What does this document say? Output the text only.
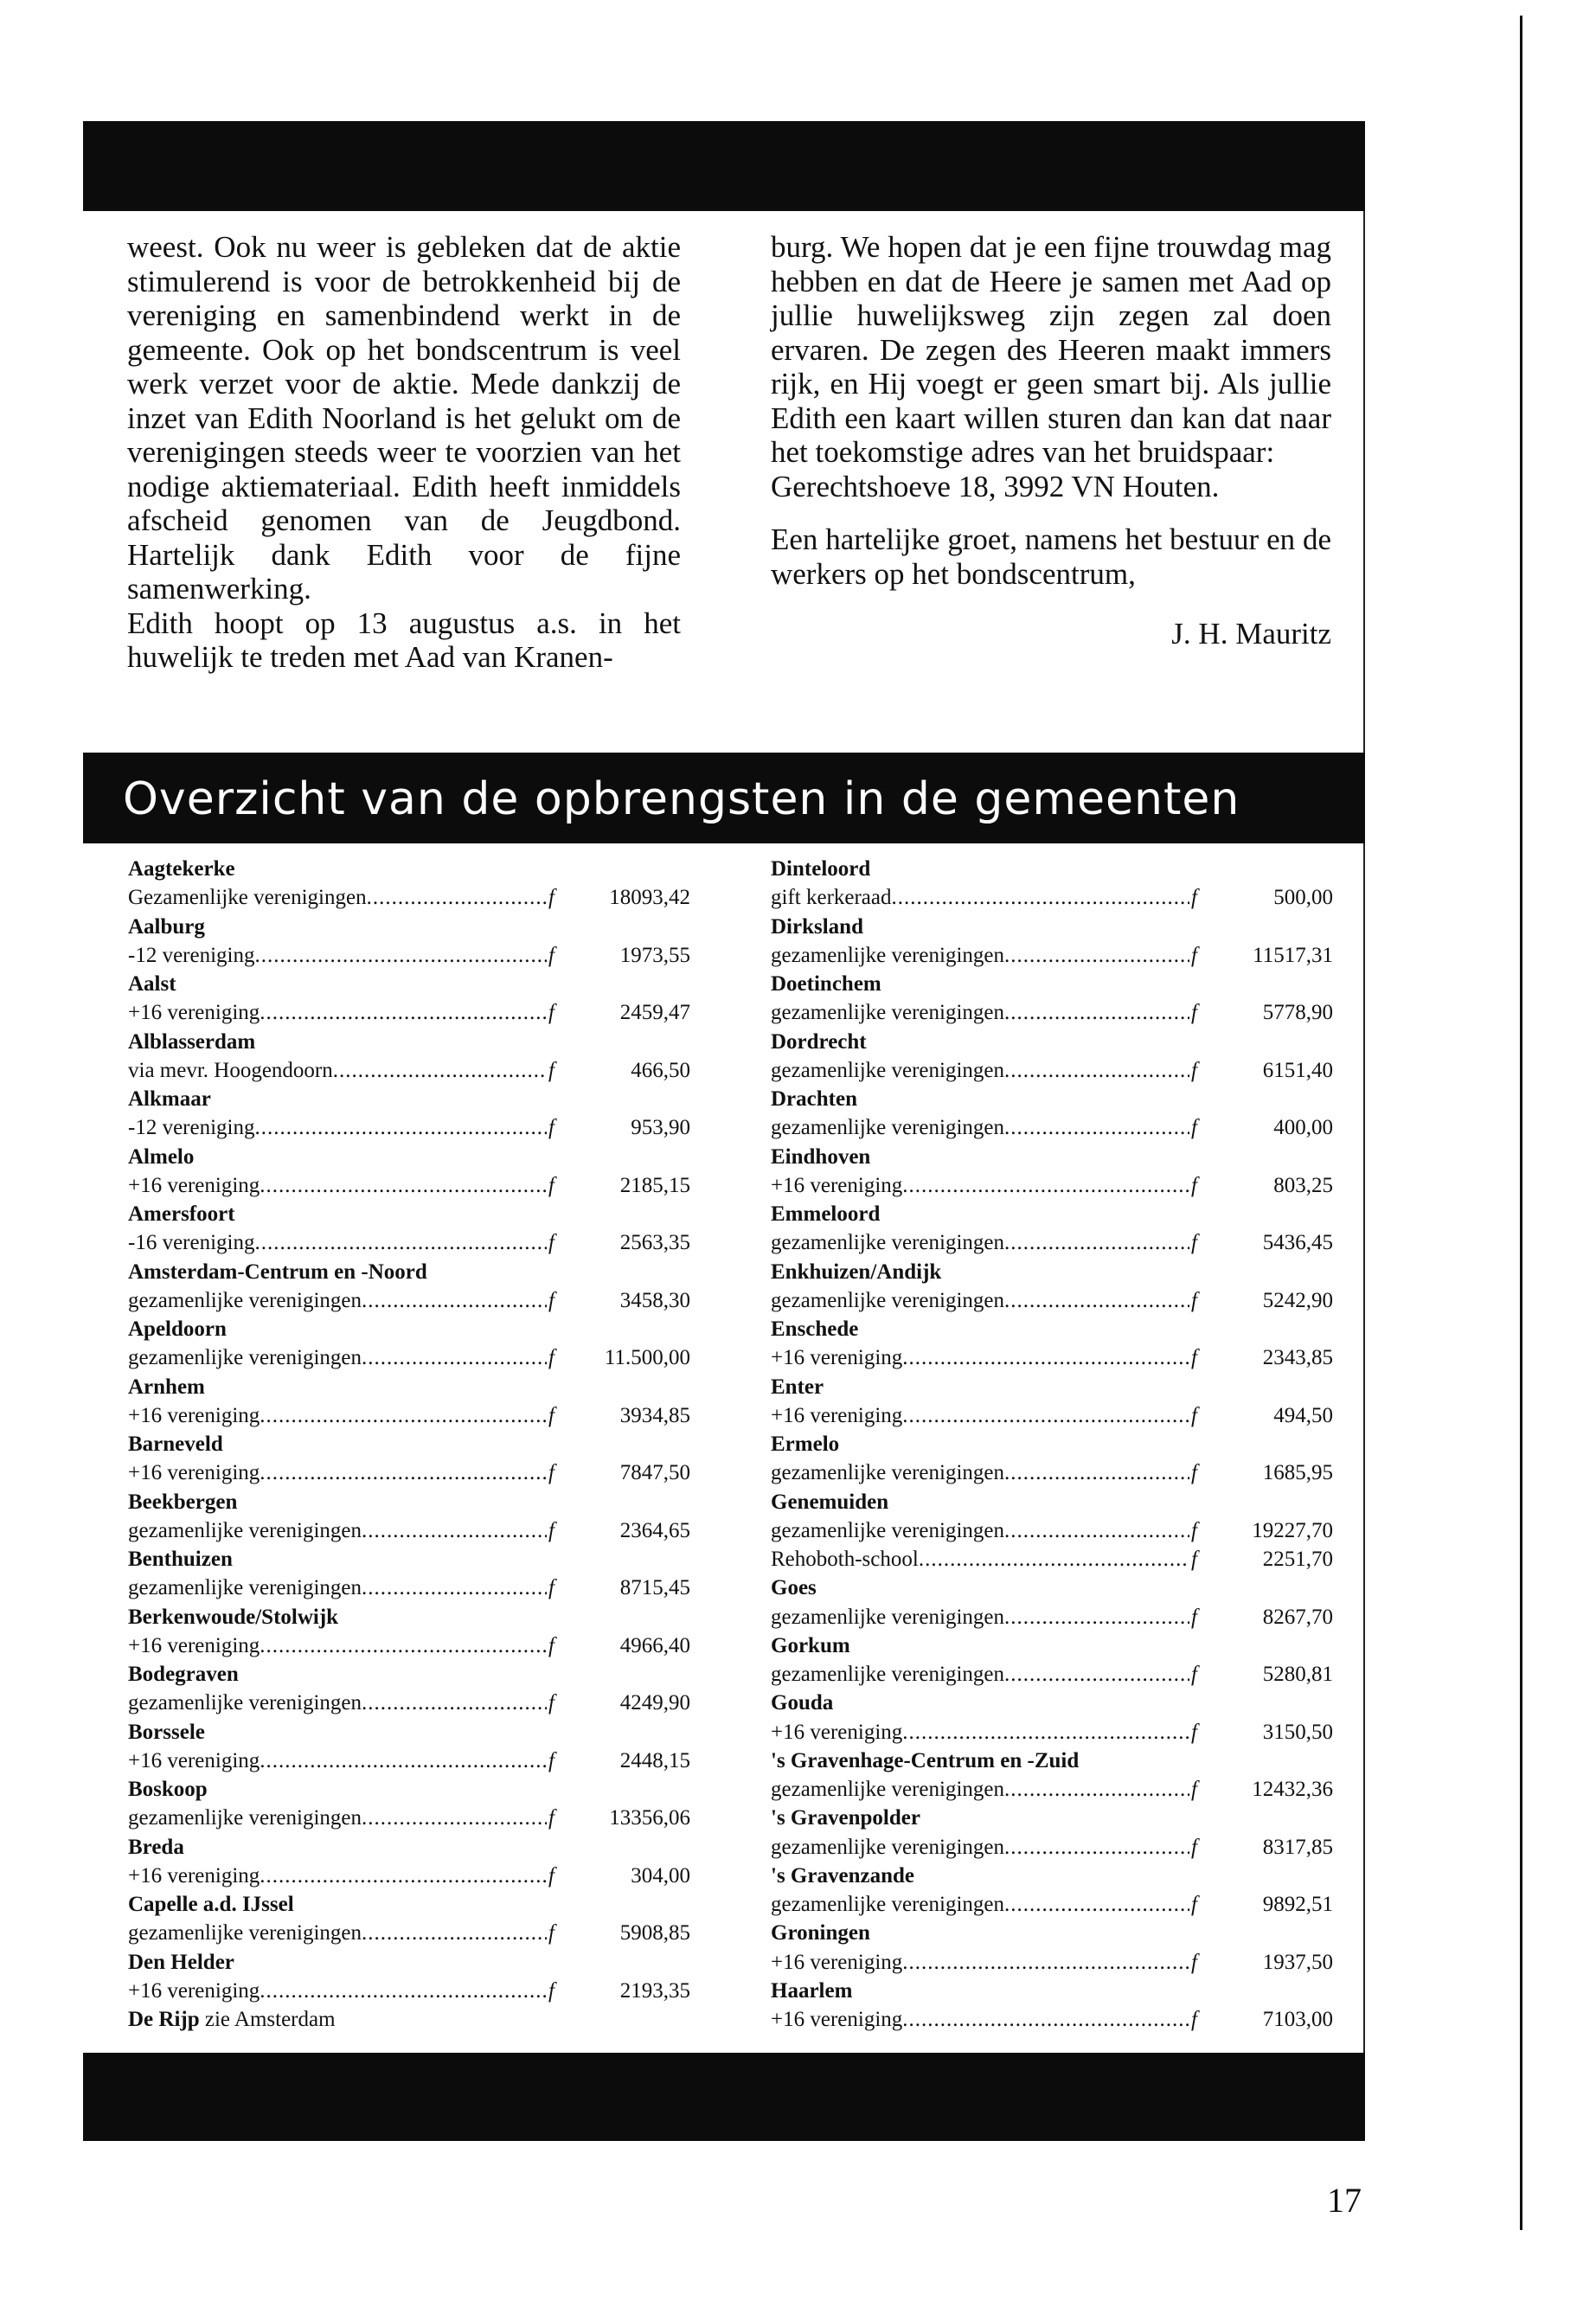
weest. Ook nu weer is gebleken dat de aktie stimulerend is voor de betrokkenheid bij de vereniging en samenbindend werkt in de gemeente. Ook op het bondscentrum is veel werk verzet voor de aktie. Mede dankzij de inzet van Edith Noorland is het gelukt om de verenigingen steeds weer te voorzien van het nodige aktiemateriaal. Edith heeft inmiddels afscheid genomen van de Jeugdbond. Hartelijk dank Edith voor de fijne samenwerking.

Edith hoopt op 13 augustus a.s. in het huwelijk te treden met Aad van Kranen-

burg. We hopen dat je een fijne trouwdag mag hebben en dat de Heere je samen met Aad op jullie huwelijksweg zijn zegen zal doen ervaren. De zegen des Heeren maakt immers rijk, en Hij voegt er geen smart bij. Als jullie Edith een kaart willen sturen dan kan dat naar het toekomstige adres van het bruidspaar:

Gerechtshoeve 18, 3992 VN Houten.

Een hartelijke groet, namens het bestuur en de werkers op het bondscentrum,

J. H. Mauritz

Overzicht van de opbrengsten in de gemeenten
Aagtekerke
Gezamenlijke verenigingen .....	f	18093,42
Aalburg
-12 vereniging .....	f	1973,55
Aalst
+16 vereniging .....	f	2459,47
Alblasserdam
via mevr. Hoogendoorn .....	f	466,50
Alkmaar
-12 vereniging .....	f	953,90
Almelo
+16 vereniging .....	f	2185,15
Amersfoort
-16 vereniging .....	f	2563,35
Amsterdam-Centrum en -Noord
gezamenlijke verenigingen .....	f	3458,30
Apeldoorn
gezamenlijke verenigingen .....	f	11.500,00
Arnhem
+16 vereniging .....	f	3934,85
Barneveld
+16 vereniging .....	f	7847,50
Beekbergen
gezamenlijke verenigingen .....	f	2364,65
Benthuizen
gezamenlijke verenigingen .....	f	8715,45
Berkenwoude/Stolwijk
+16 vereniging .....	f	4966,40
Bodegraven
gezamenlijke verenigingen .....	f	4249,90
Borssele
+16 vereniging .....	f	2448,15
Boskoop
gezamenlijke verenigingen .....	f	13356,06
Breda
+16 vereniging .....	f	304,00
Capelle a.d. IJssel
gezamenlijke verenigingen .....	f	5908,85
Den Helder
+16 vereniging .....	f	2193,35
De Rijp zie Amsterdam
Dinteloord
gift kerkeraad .....	f	500,00
Dirksland
gezamenlijke verenigingen .....	f	11517,31
Doetinchem
gezamenlijke verenigingen .....	f	5778,90
Dordrecht
gezamenlijke verenigingen .....	f	6151,40
Drachten
gezamenlijke verenigingen .....	f	400,00
Eindhoven
+16 vereniging .....	f	803,25
Emmeloord
gezamenlijke verenigingen .....	f	5436,45
Enkhuizen/Andijk
gezamenlijke verenigingen .....	f	5242,90
Enschede
+16 vereniging .....	f	2343,85
Enter
+16 vereniging .....	f	494,50
Ermelo
gezamenlijke verenigingen .....	f	1685,95
Genemuiden
gezamenlijke verenigingen .....	f	19227,70
Rehoboth-school .....	f	2251,70
Goes
gezamenlijke verenigingen .....	f	8267,70
Gorkum
gezamenlijke verenigingen .....	f	5280,81
Gouda
+16 vereniging .....	f	3150,50
's Gravenhage-Centrum en -Zuid
gezamenlijke verenigingen .....	f	12432,36
's Gravenpolder
gezamenlijke verenigingen .....	f	8317,85
's Gravenzande
gezamenlijke verenigingen .....	f	9892,51
Groningen
+16 vereniging .....	f	1937,50
Haarlem
+16 vereniging .....	f	7103,00
17
